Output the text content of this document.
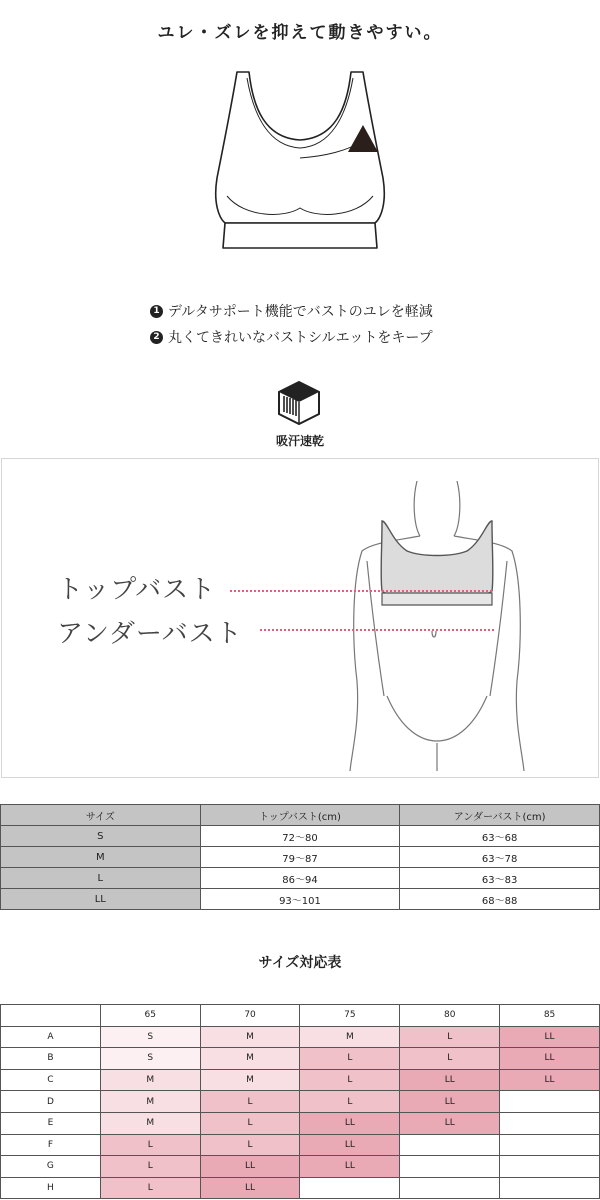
ユレ・ズレを抑えて動きやすい。
1 デルタサポート機能でバストのユレを軽減
2 丸くてきれいなバストシルエットをキープ
吸汗速乾
トップバスト
アンダーバスト
サイズ	トップバスト(cm)	アンダーバスト(cm)
S	72〜80	63〜68
M	79〜87	63〜78
L	86〜94	63〜83
LL	93〜101	68〜88
サイズ対応表
	65	70	75	80	85
A	S	M	M	L	LL
B	S	M	L	L	LL
C	M	M	L	LL	LL
D	M	L	L	LL	
E	M	L	LL	LL	
F	L	L	LL		
G	L	LL	LL		
H	L	LL			
